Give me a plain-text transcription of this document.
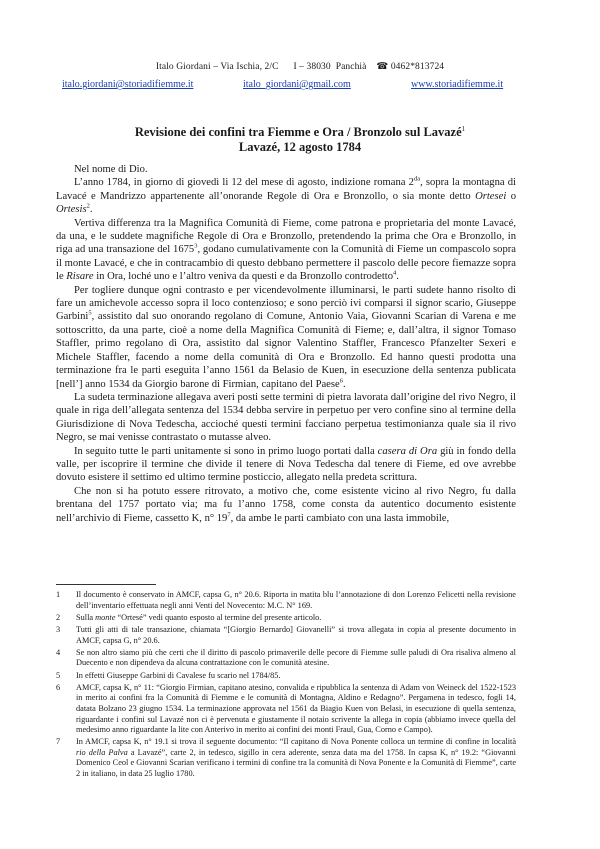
Italo Giordani – Via Ischia, 2/C I – 38030  Panchià ☎ 0462*813724
italo.giordani@storiadifiemme.it	italo_giordani@gmail.com	www.storiadifiemme.it
Revisione dei confini tra Fiemme e Ora / Bronzolo sul Lavazé$^1$
Lavazé, 12 agosto 1784

Nel nome di Dio.

L’anno 1784, in giorno di giovedì li 12 del mese di agosto, indizione romana $2^{da}$, sopra la montagna di Lavacé e Mandrizzo appartenente all’onorande Regole di Ora e Bronzollo, o sia monte detto Ortesei o Ortesis$^2$.

Vertiva differenza tra la Magnifica Comunità di Fieme, come patrona e proprietaria del monte Lavacé, da una, e le suddete magnifiche Regole di Ora e Bronzollo, pretendendo la prima che Ora e Bronzollo, in riga ad una transazione del 1675$^3$, godano cumulativamente con la Comunità di Fieme un compascolo sopra il monte Lavacé, e che in contracambio di questo debbano permettere il pascolo delle pecore fiemazze sopra le Risare in Ora, loché uno e l’altro veniva da questi e da Bronzollo controdetto$^4$.

Per togliere dunque ogni contrasto e per vicendevolmente illuminarsi, le parti sudete hanno risolto di fare un amichevole accesso sopra il loco contenzioso; e sono perciò ivi comparsi il signor scario, Giuseppe Garbini$^5$, assistito dal suo onorando regolano di Comune, Antonio Vaia, Giovanni Scarian di Varena e me sottoscritto, da una parte, cioè a nome della Magnifica Comunità di Fieme; e, dall’altra, il signor Tomaso Staffler, primo regolano di Ora, assistito dal signor Valentino Staffler, Francesco Pfanzelter Sexeri e Michele Staffler, facendo a nome della comunità di Ora e Bronzollo. Ed hanno questi prodotta una terminazione fra le parti eseguita l’anno 1561 da Belasio de Kuen, in esecuzione della sentenza publicata [nell’] anno 1534 da Giorgio barone di Firmian, capitano del Paese$^6$.

La sudeta terminazione allegava averi posti sette termini di pietra lavorata dall’origine del rivo Negro, il quale in riga dell’allegata sentenza del 1534 debba servire in perpetuo per vero confine sino al termine della Giurisdizione di Nova Tedescha, accioché questi termini facciano perpetua testimonianza quale sia il rivo Negro, se mai venisse contrastato o mutasse alveo.

In seguito tutte le parti unitamente si sono in primo luogo portati dalla casera di Ora giù in fondo della valle, per iscoprire il termine che divide il tenere di Nova Tedescha dal tenere di Fieme, ed ove avrebbe dovuto esistere il settimo ed ultimo termine posticcio, allegato nella predeta scrittura.

Che non si ha potuto essere ritrovato, a motivo che, come esistente vicino al rivo Negro, fu dalla brentana del 1757 portato via; ma fu l’anno 1758, come consta da autentico documento esistente nell’archivio di Fieme, cassetto K, n° $19^7$, da ambe le parti cambiato con una lasta immobile,

1	Il documento è conservato in AMCF, capsa G, n° 20.6. Riporta in matita blu l’annotazione di don Lorenzo Felicetti nella revisione dell’inventario effettuata negli anni Venti del Novecento: M.C. N° 169.
2	Sulla monte “Ortesé” vedi quanto esposto al termine del presente articolo.
3	Tutti gli atti di tale transazione, chiamata “[Giorgio Bernardo] Giovanelli” si trova allegata in copia al presente documento in AMCF, capsa G, n° 20.6.
4	Se non altro siamo più che certi che il diritto di pascolo primaverile delle pecore di Fiemme sulle paludi di Ora risaliva almeno al Duecento e non dipendeva da alcuna contrattazione con le comunità atesine.
5	In effetti Giuseppe Garbini di Cavalese fu scario nel 1784/85.
6	AMCF, capsa K, n° 11: “Giorgio Firmian, capitano atesino, convalida e ripubblica la sentenza di Adam von Weineck del 1522-1523 in merito ai confini fra la Comunità di Fiemme e le comunità di Montagna, Aldino e Redagno”. Pergamena in tedesco, fogli 14, datata Bolzano 23 giugno 1534. La terminazione approvata nel 1561 da Biagio Kuen von Belasi, in esecuzione di quella sentenza, riguardante i confini sul Lavazé non ci è pervenuta e giustamente il notaio scrivente la allega in copia (abbiamo invece quella del medesimo anno riguardante la lite con Anterivo in merito ai confini dei monti Fraul, Gua, Corno e Campo).
7	In AMCF, capsa K, n° 19.1 si trova il seguente documento: “Il capitano di Nova Ponente colloca un termine di confine in località rio della Palva a Lavazé”, carte 2, in tedesco, sigillo in cera aderente, senza data ma del 1758. In capsa K, n° 19.2: “Giovanni Domenico Ceol e Giovanni Scarian verificano i termini di confine tra la comunità di Nova Ponente e la Comunità di Fiemme”, carte 2 in italiano, in data 25 luglio 1780.
